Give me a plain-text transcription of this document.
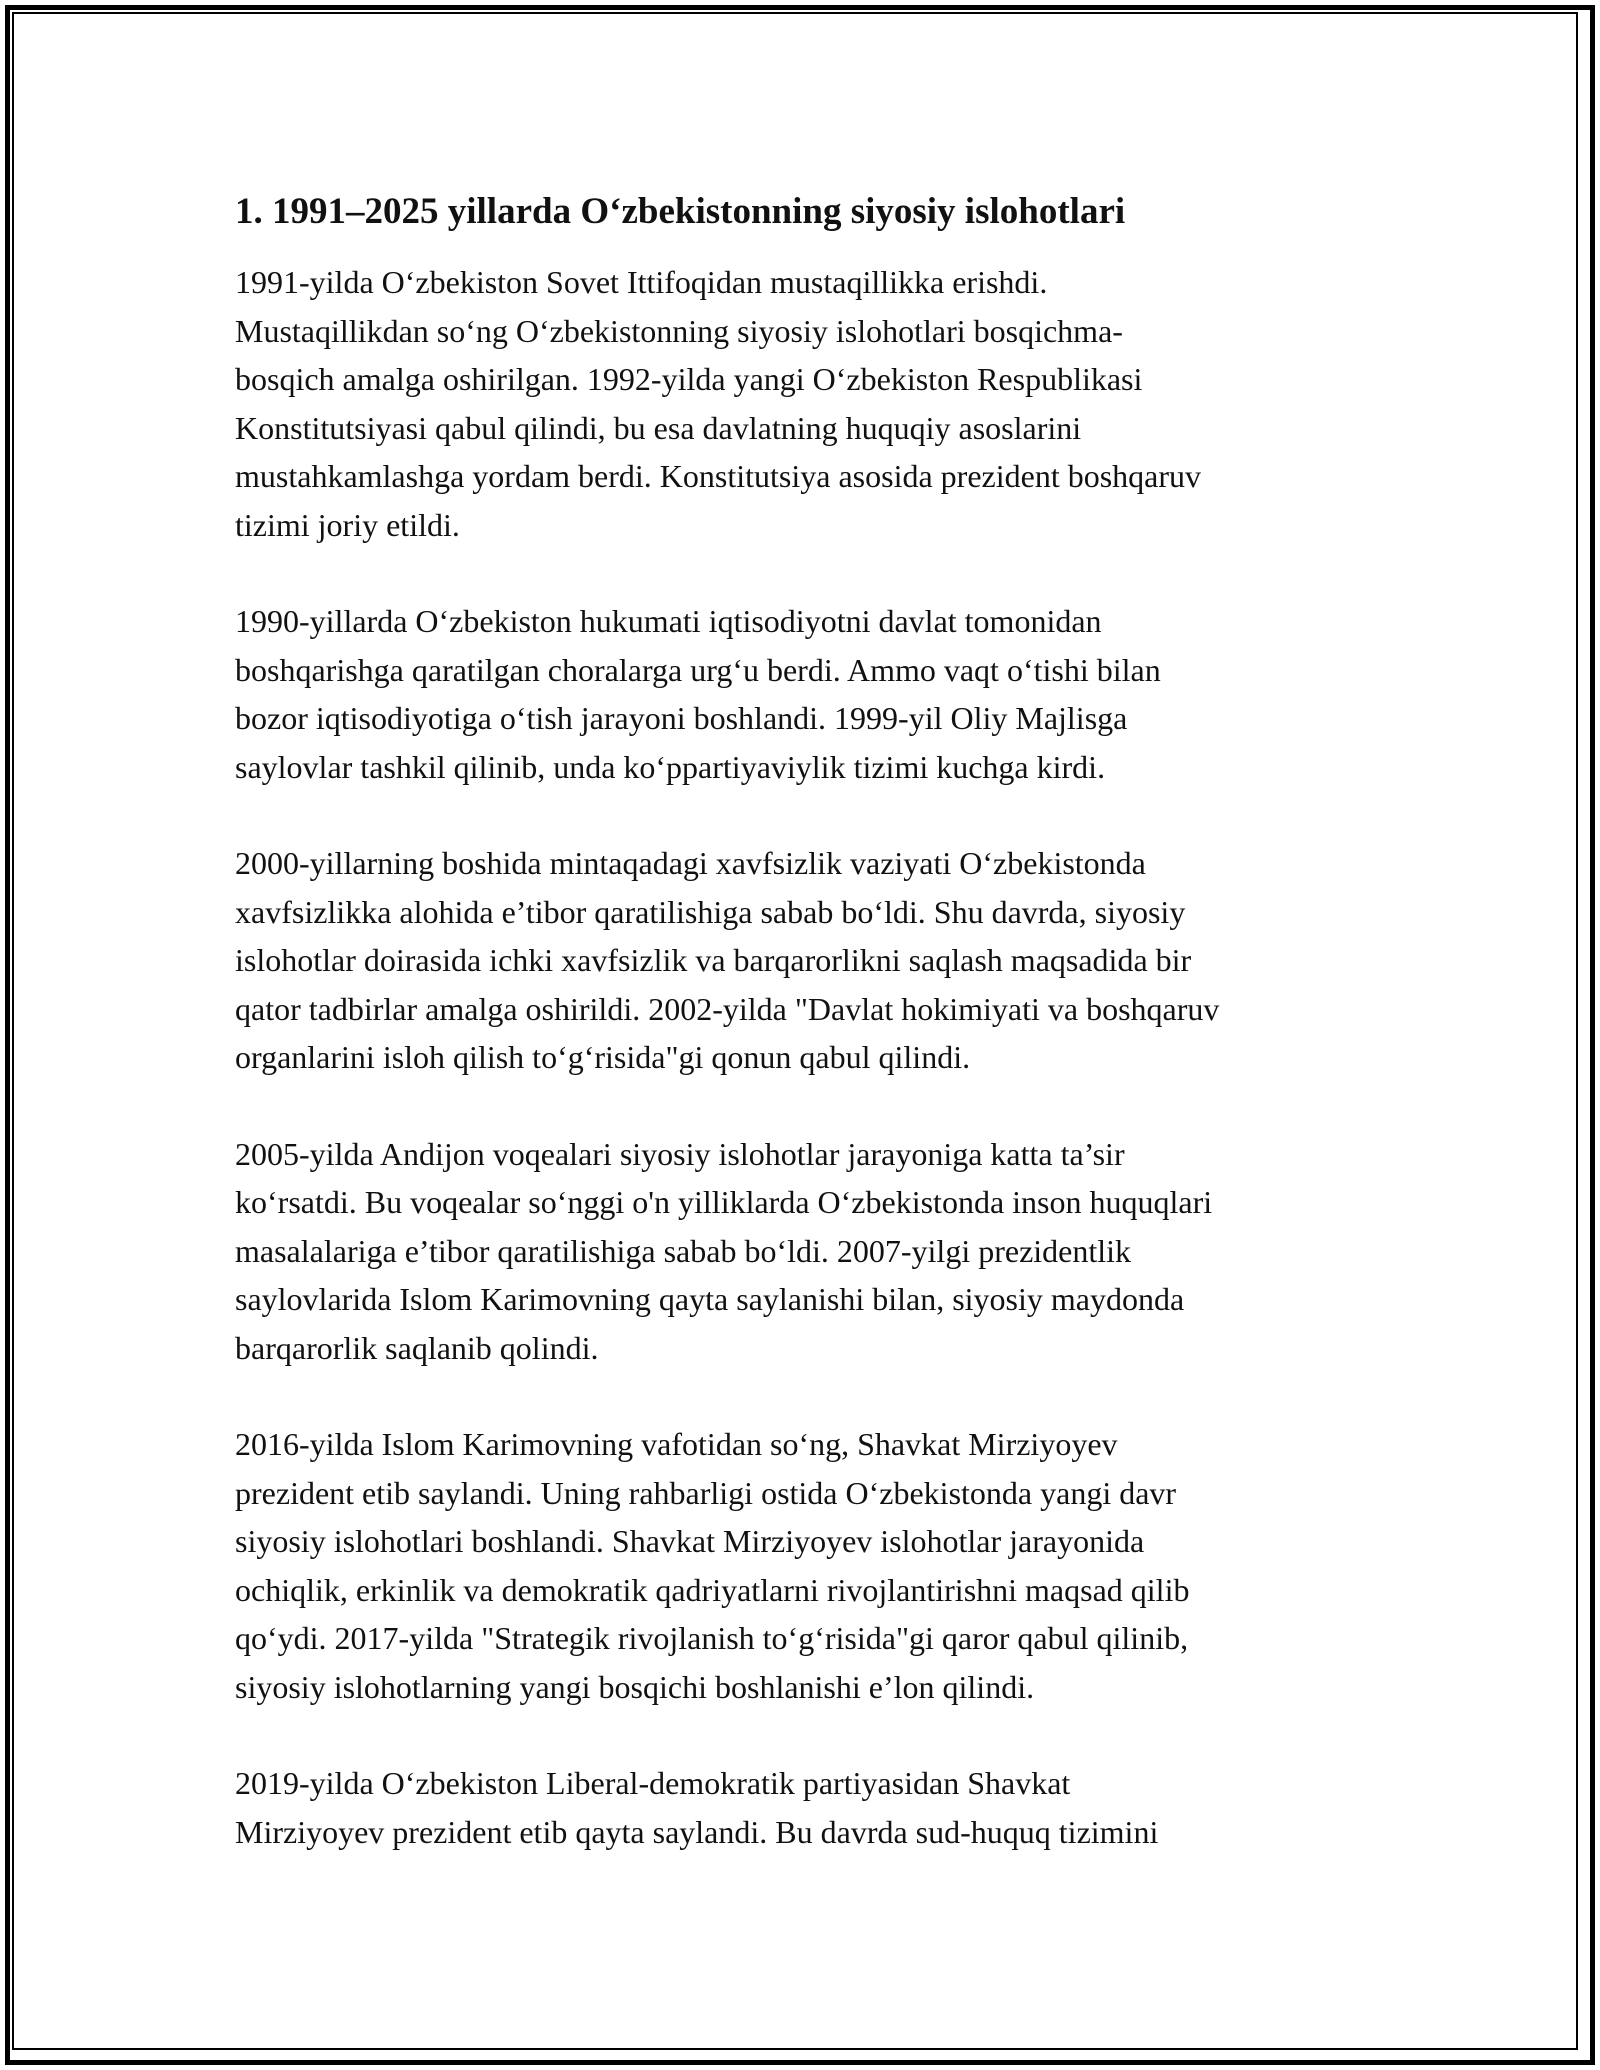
1. 1991–2025 yillarda O‘zbekistonning siyosiy islohotlari
1991-yilda O‘zbekiston Sovet Ittifoqidan mustaqillikka erishdi.
Mustaqillikdan so‘ng O‘zbekistonning siyosiy islohotlari bosqichma-
bosqich amalga oshirilgan. 1992-yilda yangi O‘zbekiston Respublikasi
Konstitutsiyasi qabul qilindi, bu esa davlatning huquqiy asoslarini
mustahkamlashga yordam berdi. Konstitutsiya asosida prezident boshqaruv
tizimi joriy etildi.
1990-yillarda O‘zbekiston hukumati iqtisodiyotni davlat tomonidan
boshqarishga qaratilgan choralarga urg‘u berdi. Ammo vaqt o‘tishi bilan
bozor iqtisodiyotiga o‘tish jarayoni boshlandi. 1999-yil Oliy Majlisga
saylovlar tashkil qilinib, unda ko‘ppartiyaviylik tizimi kuchga kirdi.
2000-yillarning boshida mintaqadagi xavfsizlik vaziyati O‘zbekistonda
xavfsizlikka alohida e’tibor qaratilishiga sabab bo‘ldi. Shu davrda, siyosiy
islohotlar doirasida ichki xavfsizlik va barqarorlikni saqlash maqsadida bir
qator tadbirlar amalga oshirildi. 2002-yilda "Davlat hokimiyati va boshqaruv
organlarini isloh qilish to‘g‘risida"gi qonun qabul qilindi.
2005-yilda Andijon voqealari siyosiy islohotlar jarayoniga katta ta’sir
ko‘rsatdi. Bu voqealar so‘nggi o'n yilliklarda O‘zbekistonda inson huquqlari
masalalariga e’tibor qaratilishiga sabab bo‘ldi. 2007-yilgi prezidentlik
saylovlarida Islom Karimovning qayta saylanishi bilan, siyosiy maydonda
barqarorlik saqlanib qolindi.
2016-yilda Islom Karimovning vafotidan so‘ng, Shavkat Mirziyoyev
prezident etib saylandi. Uning rahbarligi ostida O‘zbekistonda yangi davr
siyosiy islohotlari boshlandi. Shavkat Mirziyoyev islohotlar jarayonida
ochiqlik, erkinlik va demokratik qadriyatlarni rivojlantirishni maqsad qilib
qo‘ydi. 2017-yilda "Strategik rivojlanish to‘g‘risida"gi qaror qabul qilinib,
siyosiy islohotlarning yangi bosqichi boshlanishi e’lon qilindi.
2019-yilda O‘zbekiston Liberal-demokratik partiyasidan Shavkat
Mirziyoyev prezident etib qayta saylandi. Bu davrda sud-huquq tizimini
